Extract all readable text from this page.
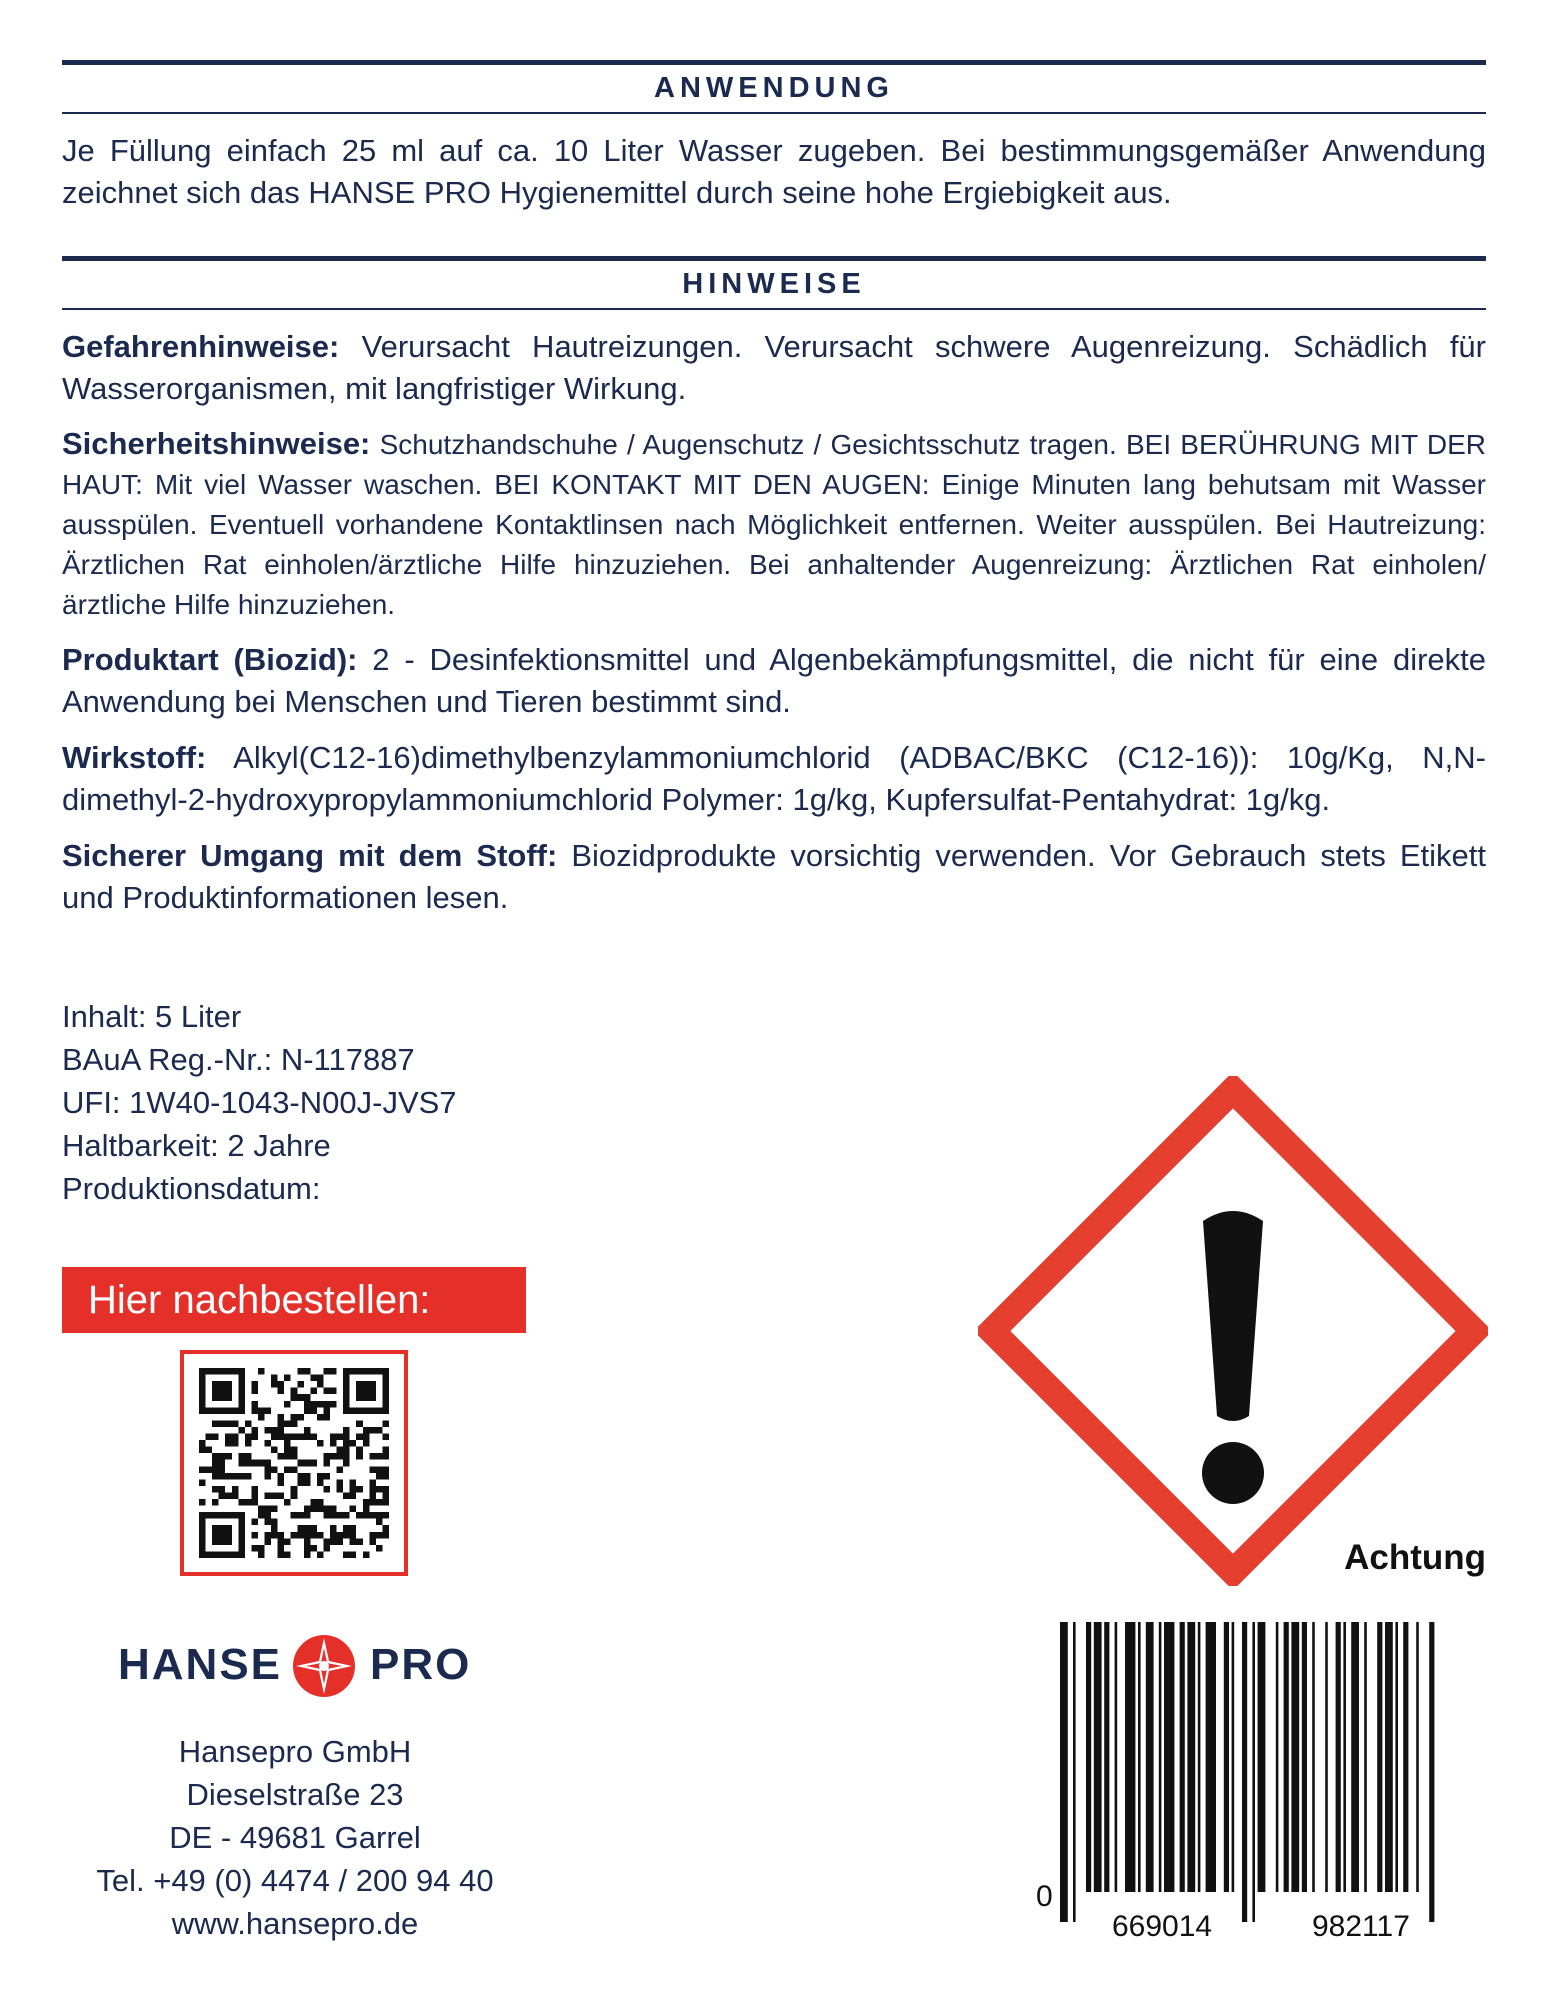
ANWENDUNG

Je Füllung einfach 25 ml auf ca. 10 Liter Wasser zugeben. Bei bestimmungsgemäßer Anwendung zeichnet sich das HANSE PRO Hygienemittel durch seine hohe Ergiebigkeit aus.

HINWEISE

Gefahrenhinweise: Verursacht Hautreizungen. Verursacht schwere Augenreizung. Schädlich für Wasserorganismen, mit langfristiger Wirkung.

Sicherheitshinweise: Schutzhandschuhe / Augenschutz / Gesichtsschutz tragen. BEI BERÜHRUNG MIT DER HAUT: Mit viel Wasser waschen. BEI KONTAKT MIT DEN AUGEN: Einige Minuten lang behutsam mit Wasser ausspülen. Eventuell vorhandene Kontaktlinsen nach Möglichkeit entfernen. Weiter ausspülen. Bei Hautreizung: Ärztlichen Rat einholen/ärztliche Hilfe hinzuziehen. Bei anhaltender Augenreizung: Ärztlichen Rat einholen/ärztliche Hilfe hinzuziehen.

Produktart (Biozid): 2 - Desinfektionsmittel und Algenbekämpfungsmittel, die nicht für eine direkte Anwendung bei Menschen und Tieren bestimmt sind.

Wirkstoff: Alkyl(C12-16)dimethylbenzylammoniumchlorid (ADBAC/BKC (C12-16)): 10g/Kg, N,N-dimethyl-2-hydroxypropylammoniumchlorid Polymer: 1g/kg, Kupfersulfat-Pentahydrat: 1g/kg.

Sicherer Umgang mit dem Stoff: Biozidprodukte vorsichtig verwenden. Vor Gebrauch stets Etikett und Produktinformationen lesen.

Inhalt: 5 Liter
BAuA Reg.-Nr.: N-117887
UFI: 1W40-1043-N00J-JVS7
Haltbarkeit: 2 Jahre
Produktionsdatum:
Hier nachbestellen:
HANSE PRO
Hansepro GmbH
Dieselstraße 23
DE - 49681 Garrel
Tel. +49 (0) 4474 / 200 94 40
www.hansepro.de
Achtung
0
669014	982117
